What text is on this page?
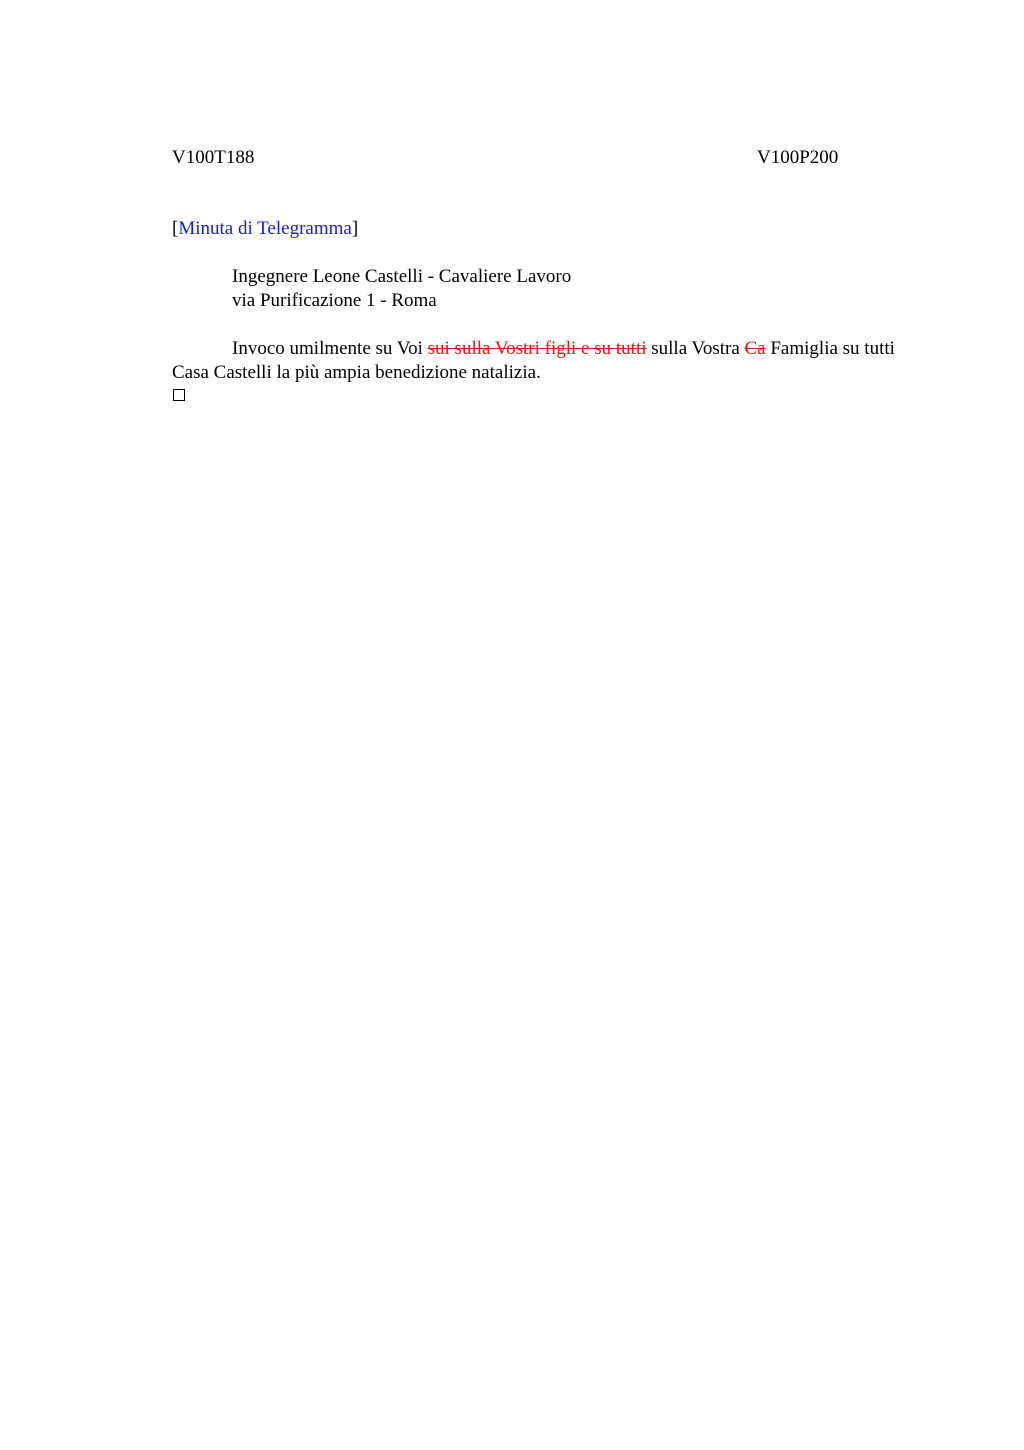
V100T188	V100P200
[Minuta di Telegramma]
Ingegnere Leone Castelli - Cavaliere Lavoro
via Purificazione 1 - Roma
Invoco umilmente su Voi sui sulla Vostri figli e su tutti sulla Vostra Ca Famiglia su tutti Casa Castelli la più ampia benedizione natalizia.
